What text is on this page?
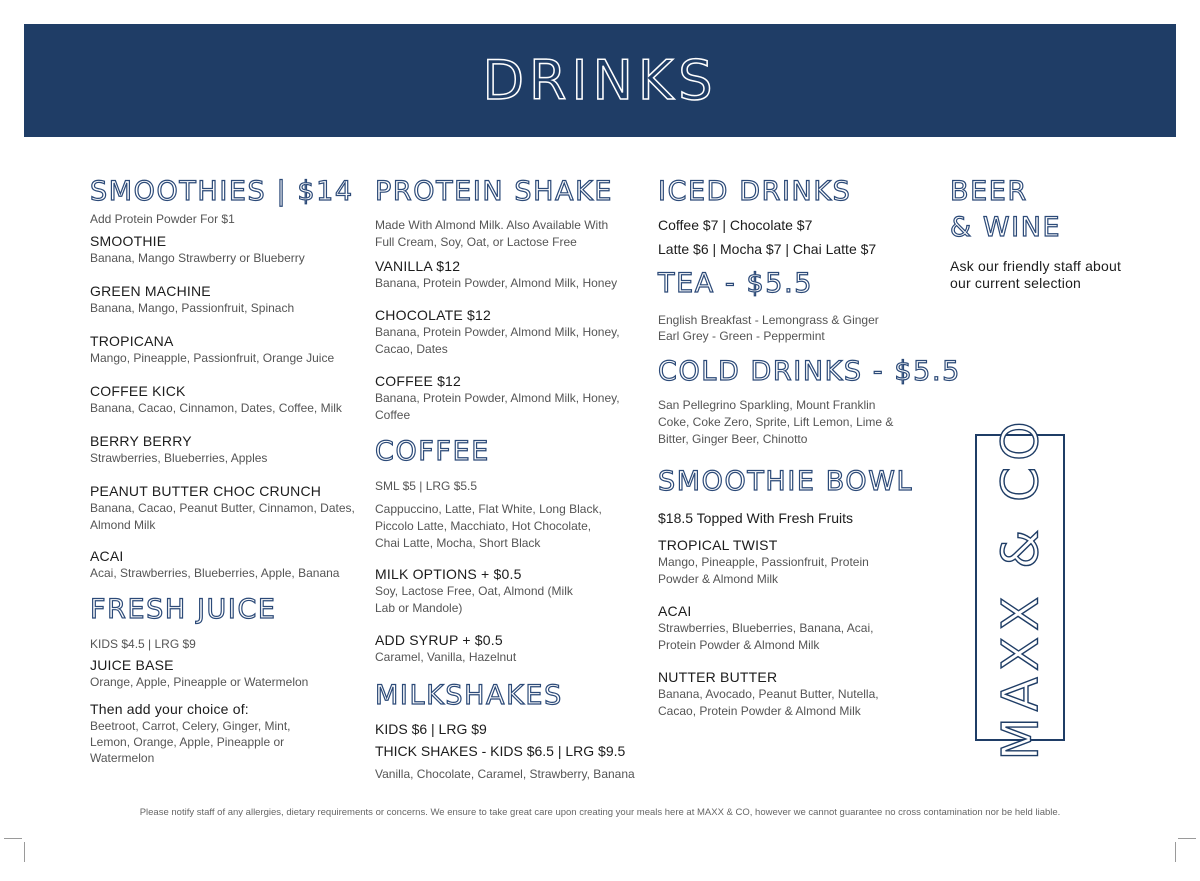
DRINKS
SMOOTHIES | $14
Add Protein Powder For $1
SMOOTHIE
Banana, Mango Strawberry or Blueberry
GREEN MACHINE
Banana, Mango, Passionfruit, Spinach
TROPICANA
Mango, Pineapple, Passionfruit, Orange Juice
COFFEE KICK
Banana, Cacao, Cinnamon, Dates, Coffee, Milk
BERRY BERRY
Strawberries, Blueberries, Apples
PEANUT BUTTER CHOC CRUNCH
Banana, Cacao, Peanut Butter, Cinnamon, Dates, Almond Milk
ACAI
Acai, Strawberries, Blueberries, Apple, Banana
FRESH JUICE
KIDS $4.5 | LRG $9
JUICE BASE
Orange, Apple, Pineapple or Watermelon
Then add your choice of:
Beetroot, Carrot, Celery, Ginger, Mint, Lemon, Orange, Apple, Pineapple or Watermelon
PROTEIN SHAKE
Made With Almond Milk. Also Available With Full Cream, Soy, Oat, or Lactose Free
VANILLA $12
Banana, Protein Powder, Almond Milk, Honey
CHOCOLATE $12
Banana, Protein Powder, Almond Milk, Honey, Cacao, Dates
COFFEE $12
Banana, Protein Powder, Almond Milk, Honey, Coffee
COFFEE
SML $5 | LRG $5.5
Cappuccino, Latte, Flat White, Long Black, Piccolo Latte, Macchiato, Hot Chocolate, Chai Latte, Mocha, Short Black
MILK OPTIONS + $0.5
Soy, Lactose Free, Oat, Almond (Milk Lab or Mandole)
ADD SYRUP + $0.5
Caramel, Vanilla, Hazelnut
MILKSHAKES
KIDS $6 | LRG $9
THICK SHAKES - KIDS $6.5 | LRG $9.5
Vanilla, Chocolate, Caramel, Strawberry, Banana
ICED DRINKS
Coffee $7 | Chocolate $7
Latte $6 | Mocha $7 | Chai Latte $7
TEA - $5.5
English Breakfast - Lemongrass & Ginger Earl Grey - Green - Peppermint
COLD DRINKS - $5.5
San Pellegrino Sparkling, Mount Franklin Coke, Coke Zero, Sprite, Lift Lemon, Lime & Bitter, Ginger Beer, Chinotto
SMOOTHIE BOWL
$18.5 Topped With Fresh Fruits
TROPICAL TWIST
Mango, Pineapple, Passionfruit, Protein Powder & Almond Milk
ACAI
Strawberries, Blueberries, Banana, Acai, Protein Powder & Almond Milk
NUTTER BUTTER
Banana, Avocado, Peanut Butter, Nutella, Cacao, Protein Powder & Almond Milk
BEER
& WINE
Ask our friendly staff about our current selection
MAXX & CO
Please notify staff of any allergies, dietary requirements or concerns. We ensure to take great care upon creating your meals here at MAXX & CO, however we cannot guarantee no cross contamination nor be held liable.
